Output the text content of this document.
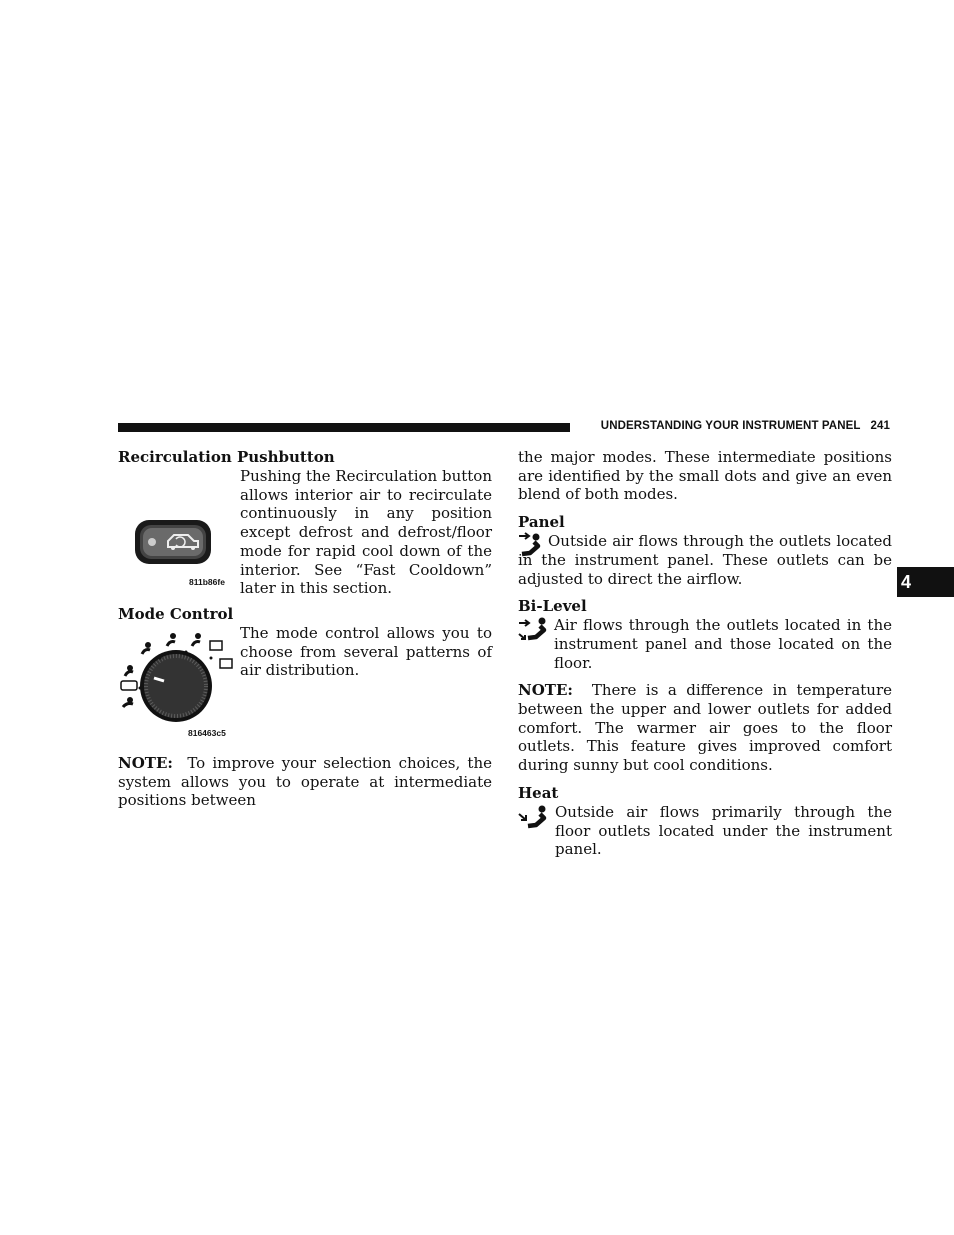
UNDERSTANDING YOUR INSTRUMENT PANEL 241
4
Recirculation Pushbutton
811b86fe

Pushing the Recirculation button allows interior air to recirculate continuously in any position except defrost and defrost/floor mode for rapid cool down of the interior. See “Fast Cooldown” later in this section.

Mode Control
816463c5

The mode control allows you to choose from several patterns of air distribution.

NOTE: To improve your selection choices, the system allows you to operate at intermediate positions between

the major modes. These intermediate positions are identified by the small dots and give an even blend of both modes.

Panel

Outside air flows through the outlets located in the instrument panel. These outlets can be adjusted to direct the airflow.

Bi-Level

Air flows through the outlets located in the instrument panel and those located on the floor.

NOTE: There is a difference in temperature between the upper and lower outlets for added comfort. The warmer air goes to the floor outlets. This feature gives improved comfort during sunny but cool conditions.

Heat

Outside air flows primarily through the floor outlets located under the instrument panel.
